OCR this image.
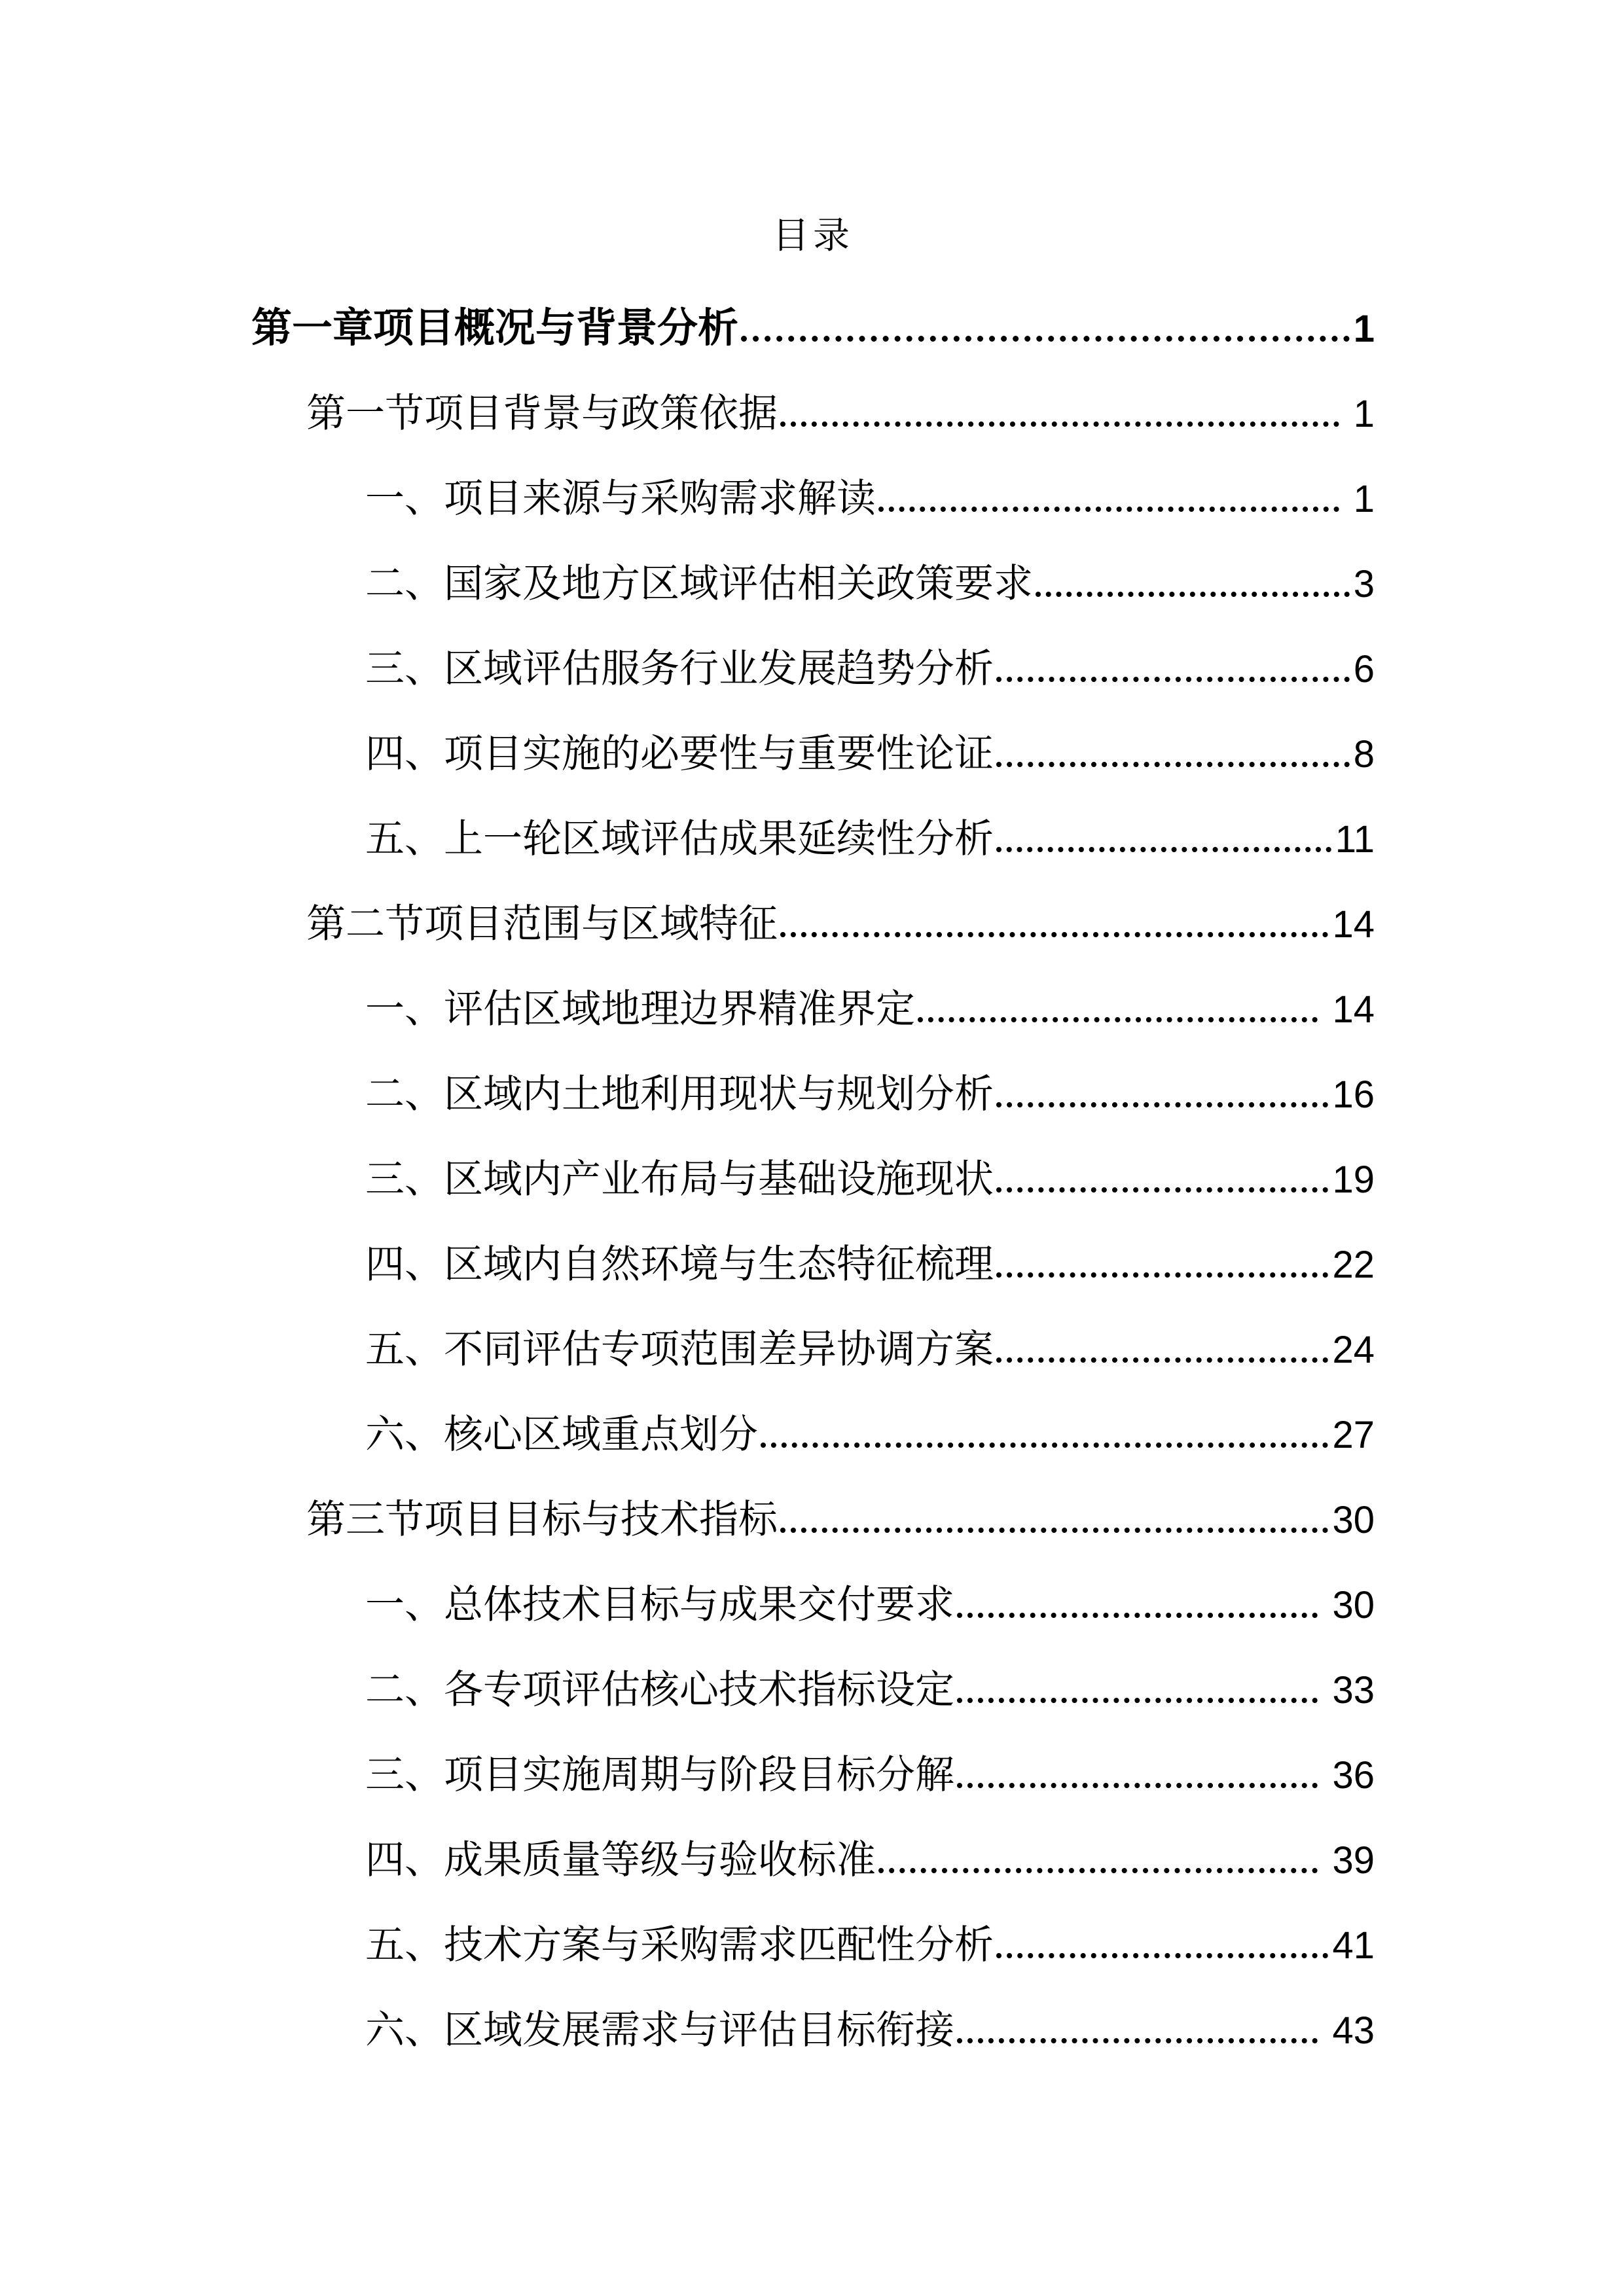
目录
第一章项目概况与背景分析	1
第一节项目背景与政策依据	1
一、项目来源与采购需求解读	1
二、国家及地方区域评估相关政策要求	3
三、区域评估服务行业发展趋势分析	6
四、项目实施的必要性与重要性论证	8
五、上一轮区域评估成果延续性分析	11
第二节项目范围与区域特征	14
一、评估区域地理边界精准界定	14
二、区域内土地利用现状与规划分析	16
三、区域内产业布局与基础设施现状	19
四、区域内自然环境与生态特征梳理	22
五、不同评估专项范围差异协调方案	24
六、核心区域重点划分	27
第三节项目目标与技术指标	30
一、总体技术目标与成果交付要求	30
二、各专项评估核心技术指标设定	33
三、项目实施周期与阶段目标分解	36
四、成果质量等级与验收标准	39
五、技术方案与采购需求匹配性分析	41
六、区域发展需求与评估目标衔接	43
